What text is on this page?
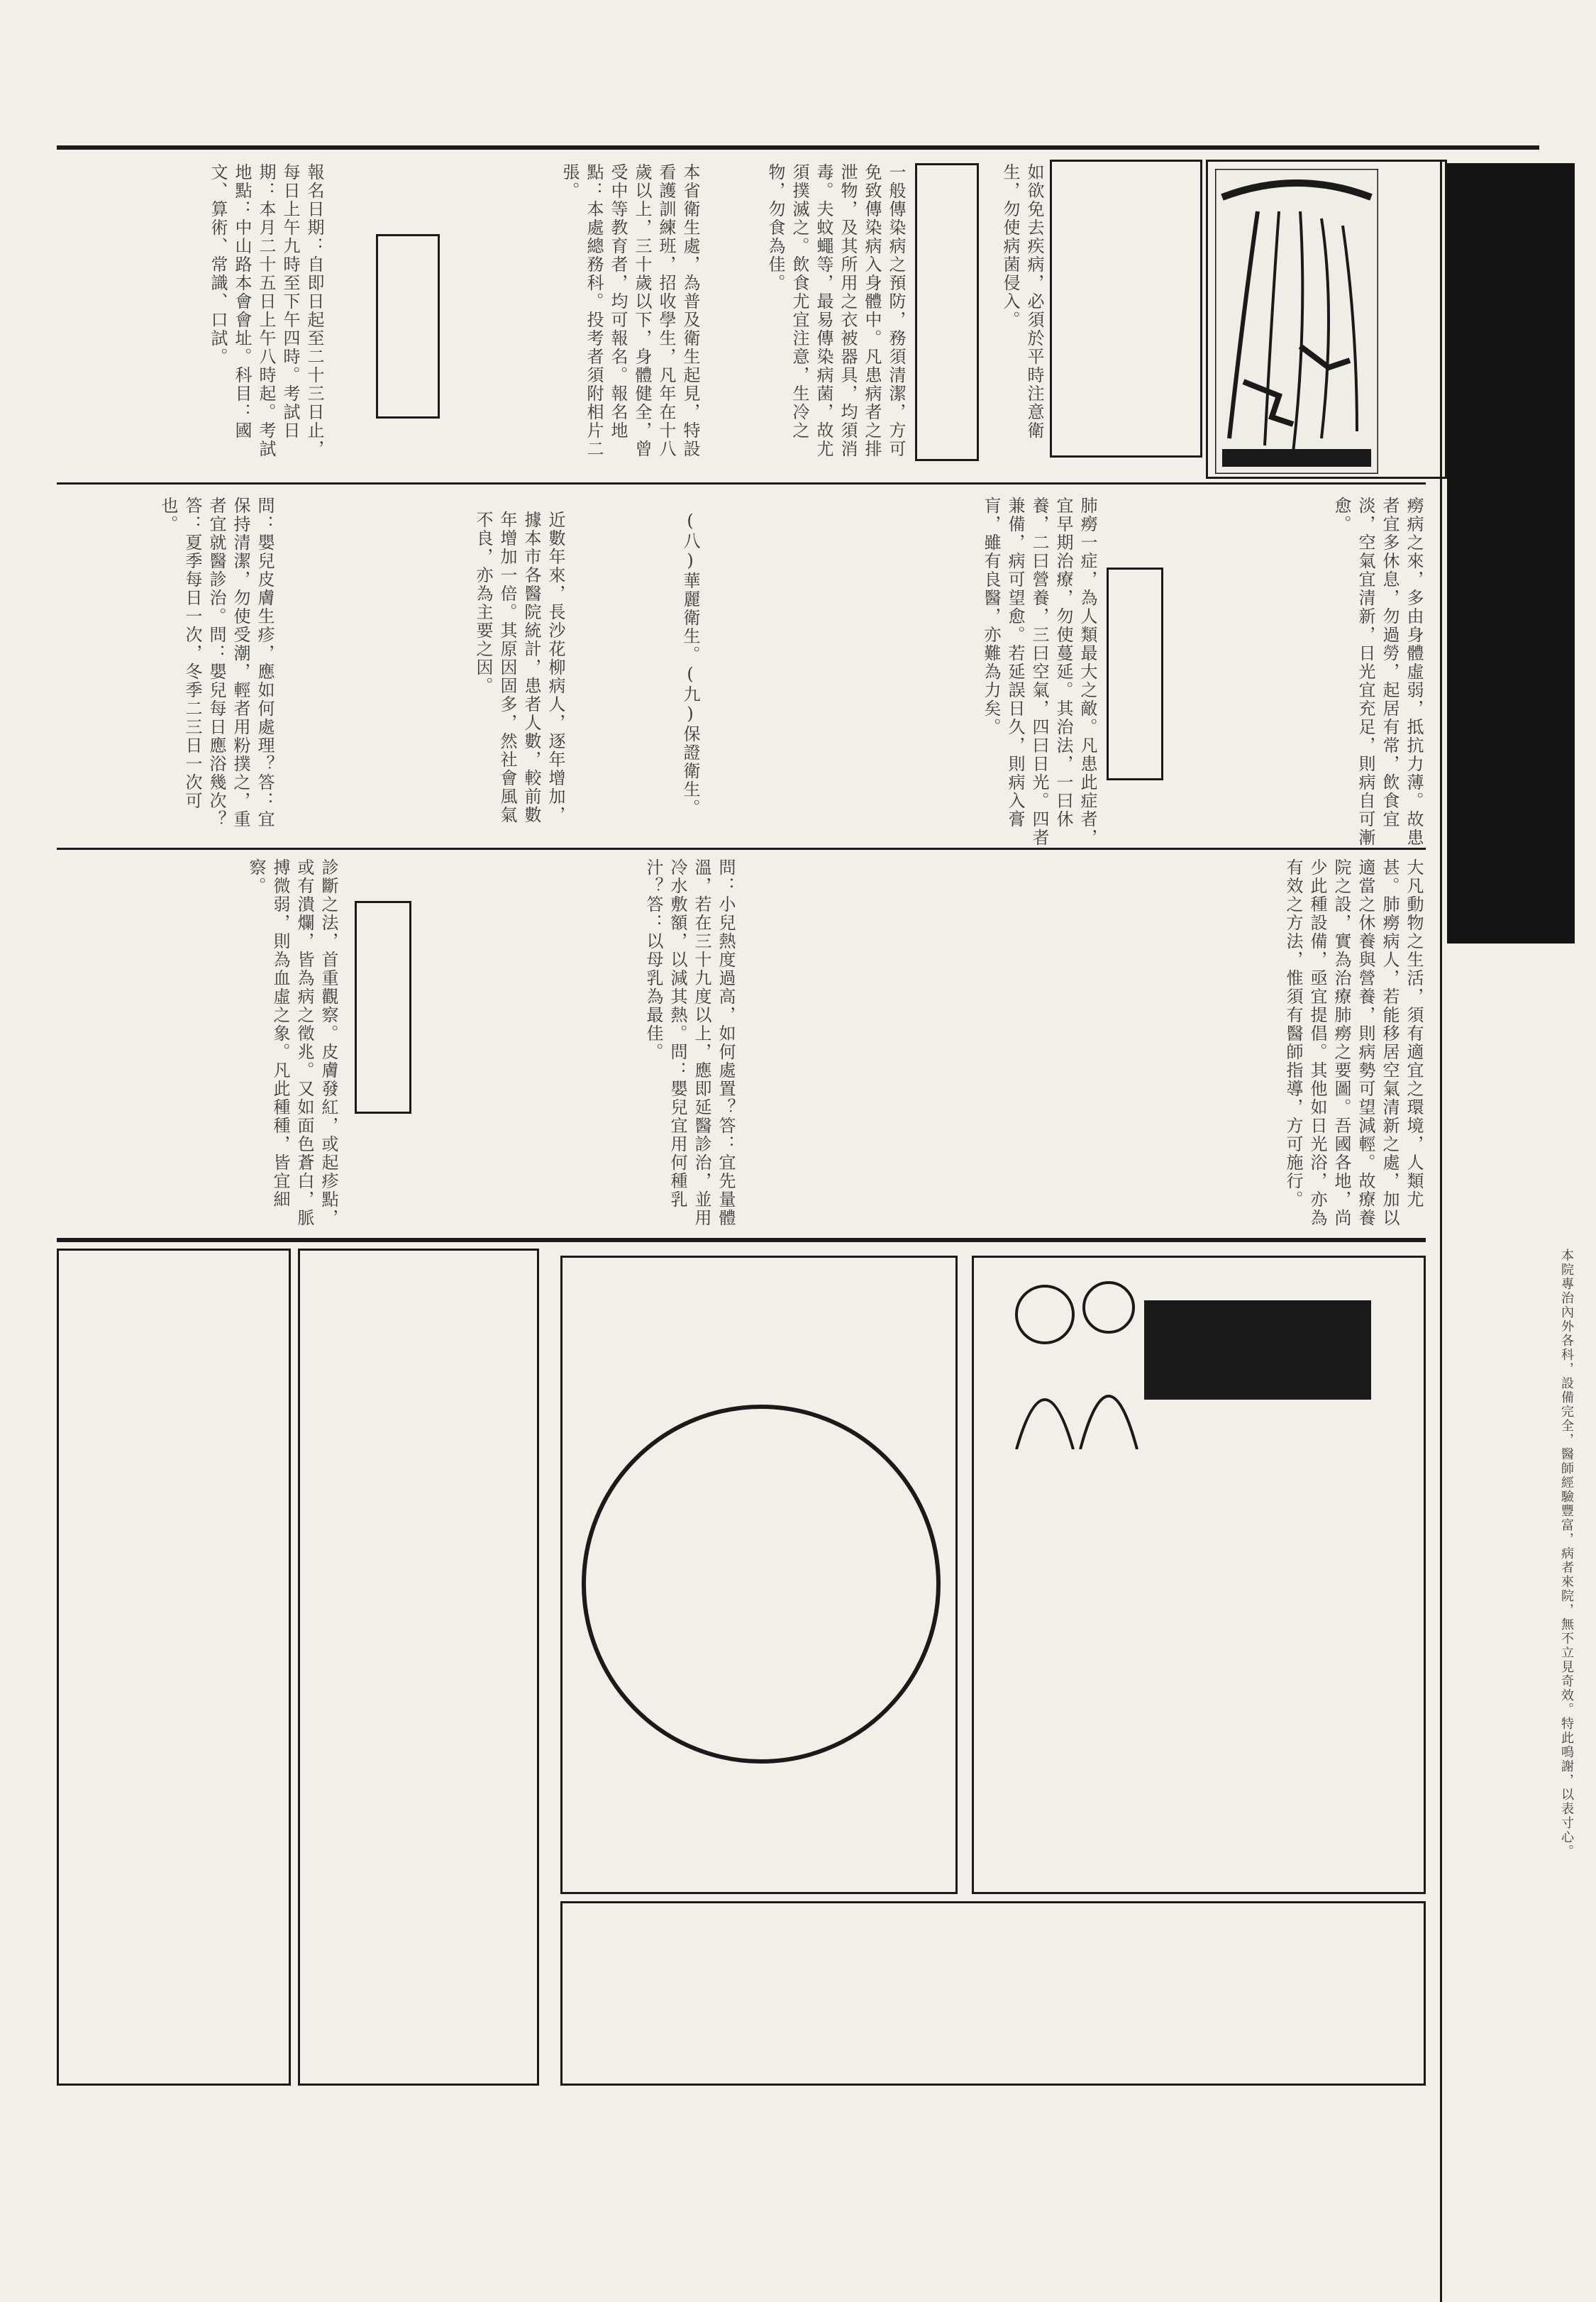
一般傳染病之預防，務須清潔，方可免致傳染病入身體中。凡患病者之排泄物，及其所用之衣被器具，均須消毒。夫蚊蠅等，最易傳染病菌，故尤須撲滅之。飲食尤宜注意，生冷之物，勿食為佳。	如欲免去疾病，必須於平時注意衛生，勿使病菌侵入。
本省衛生處，為普及衛生起見，特設看護訓練班，招收學生，凡年在十八歲以上，三十歲以下，身體健全，曾受中等教育者，均可報名。報名地點：本處總務科。投考者須附相片二張。
報名日期：自即日起至二十三日止，每日上午九時至下午四時。考試日期：本月二十五日上午八時起。考試地點：中山路本會會址。科目：國文、算術、常識、口試。
癆病之來，多由身體虛弱，抵抗力薄。故患者宜多休息，勿過勞，起居有常，飲食宜淡，空氣宜清新，日光宜充足，則病自可漸愈。
肺癆一症，為人類最大之敵。凡患此症者，宜早期治療，勿使蔓延。其治法，一曰休養，二曰營養，三曰空氣，四曰日光。四者兼備，病可望愈。若延誤日久，則病入膏肓，雖有良醫，亦難為力矣。
近數年來，長沙花柳病人，逐年增加，據本市各醫院統計，患者人數，較前數年增加一倍。其原因固多，然社會風氣不良，亦為主要之因。	(八)華麗衛生。(九)保證衛生。
問：嬰兒皮膚生疹，應如何處理？答：宜保持清潔，勿使受潮，輕者用粉撲之，重者宜就醫診治。問：嬰兒每日應浴幾次？答：夏季每日一次，冬季二三日一次可也。
大凡動物之生活，須有適宜之環境，人類尤甚。肺癆病人，若能移居空氣清新之處，加以適當之休養與營養，則病勢可望減輕。故療養院之設，實為治療肺癆之要圖。吾國各地，尚少此種設備，亟宜提倡。其他如日光浴，亦為有效之方法，惟須有醫師指導，方可施行。
問：小兒熱度過高，如何處置？答：宜先量體溫，若在三十九度以上，應即延醫診治，並用冷水敷額，以減其熱。問：嬰兒宜用何種乳汁？答：以母乳為最佳。
診斷之法，首重觀察。皮膚發紅，或起疹點，或有潰爛，皆為病之徵兆。又如面色蒼白，脈搏微弱，則為血虛之象。凡此種種，皆宜細察。
本院專治內外各科，設備完全，醫師經驗豐富，病者來院，無不立見奇效。特此鳴謝，以表寸心。
